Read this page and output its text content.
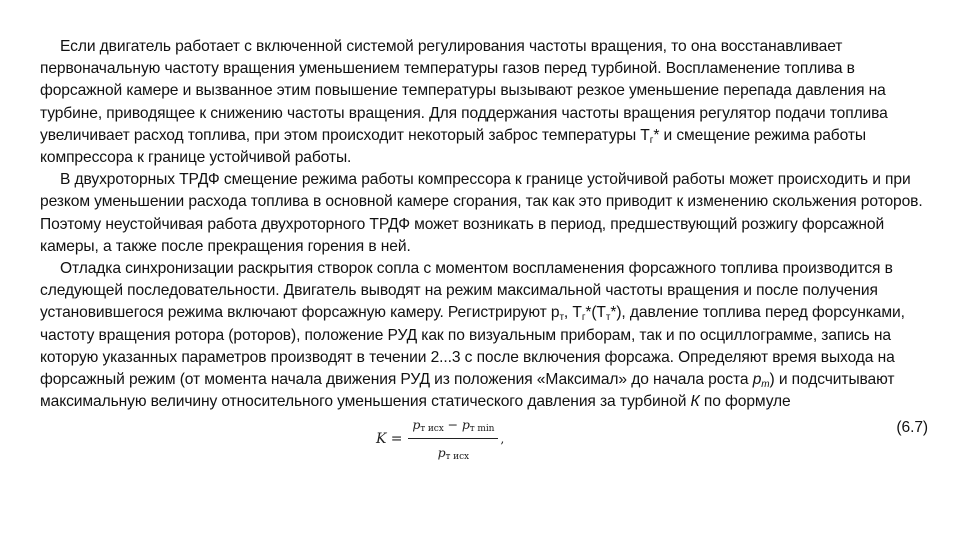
Если двигатель работает с включенной системой регулирования частоты вращения, то она восстанавливает первоначальную частоту вращения уменьшением температуры газов перед турбиной. Воспламенение топлива в форсажной камере и вызванное этим повышение температуры вызывают резкое уменьшение перепада давления на турбине, приводящее к снижению частоты вращения. Для поддержания частоты вращения регулятор подачи топлива увеличивает расход топлива, при этом происходит некоторый заброс температуры $Т_г*$ и смещение режима работы компрессора к границе устойчивой работы.

В двухроторных ТРДФ смещение режима работы компрессора к границе устойчивой работы может происходить и при резком уменьшении расхода топлива в основной камере сгорания, так как это приводит к изменению скольжения роторов. Поэтому неустойчивая работа двухроторного ТРДФ может возникать в период, предшествующий розжигу форсажной камеры, а также после прекращения горения в ней.

Отладка синхронизации раскрытия створок сопла с моментом воспламенения форсажного топлива производится в следующей последовательности. Двигатель выводят на режим максимальной частоты вращения и после получения установившегося режима включают форсажную камеру. Регистрируют $р_т$, $Т_г*(Т_т*)$, давление топлива перед форсунками, частоту вращения ротора (роторов), положение РУД как по визуальным приборам, так и по осциллограмме, запись на которую указанных параметров производят в течении 2...3 с после включения форсажа. Определяют время выхода на форсажный режим (от момента начала движения РУД из положения «Максимал» до начала роста $р_т$) и подсчитывают максимальную величину относительного уменьшения статического давления за турбиной К по формуле

$K = \frac{p_{т исх} - p_{т min}}{p_{т исх}}$ ,
(6.7)
